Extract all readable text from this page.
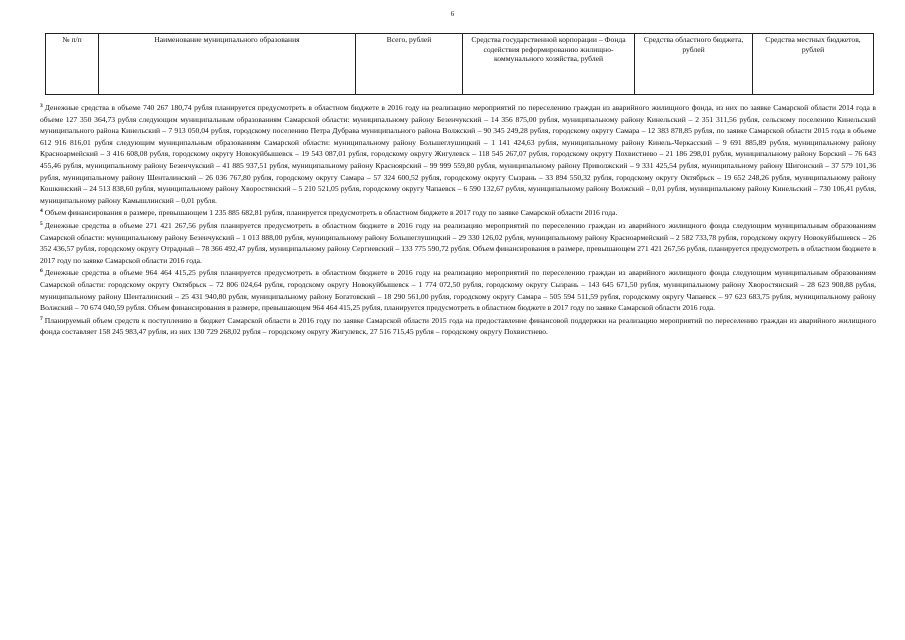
6
№ п/п	Наименование муниципального образования	Всего, рублей	Средства государственной корпорации – Фонда содействия реформированию жилищно-коммунального хозяйства, рублей	Средства областного бюджета, рублей	Средства местных бюджетов, рублей

$^3$ Денежные средства в объеме 740 267 180,74 рубля планируется предусмотреть в областном бюджете в 2016 году на реализацию мероприятий по переселению граждан из аварийного жилищного фонда, из них по заявке Самарской области 2014 года в объеме 127 350 364,73 рубля следующим муниципальным образованиям Самарской области: муниципальному району Безенчукский – 14 356 875,00 рубля, муниципальному району Кинельский – 2 351 311,56 рубля, сельскому поселению Кинельский муниципального района Кинельский – 7 913 050,04 рубля, городскому поселению Петра Дубрава муниципального района Волжский – 90 345 249,28 рубля, городскому округу Самара – 12 383 878,85 рубля, по заявке Самарской области 2015 года в объеме 612 916 816,01 рубля следующим муниципальным образованиям Самарской области: муниципальному району Большеглушицкий – 1 141 424,63 рубля, муниципальному району Кинель-Черкасский – 9 691 885,89 рубля, муниципальному району Красноармейский – 3 416 608,08 рубля, городскому округу Новокуйбышевск – 19 543 087,01 рубля, городскому округу Жигулевск – 118 545 267,07 рубля, городскому округу Похвистнево – 21 186 298,01 рубля, муниципальному району Борский – 76 643 455,46 рубля, муниципальному району Безенчукский – 41 885 937,51 рубля, муниципальному району Красноярский – 99 999 559,80 рубля, муниципальному району Приволжский – 9 331 425,54 рубля, муниципальному району Шигонский – 37 579 101,36 рубля, муниципальному району Шенталинский – 26 036 767,80 рубля, городскому округу Самара – 57 324 600,52 рубля, городскому округу Сызрань – 33 894 550,32 рубля, городскому округу Октябрьск – 19 652 248,26 рубля, муниципальному району Кошкинский – 24 513 838,60 рубля, муниципальному району Хворостянский – 5 210 521,05 рубля, городскому округу Чапаевск – 6 590 132,67 рубля, муниципальному району Волжский – 0,01 рубля, муниципальному району Кинельский – 730 106,41 рубля, муниципальному району Камышлинский – 0,01 рубля.

$^4$ Объем финансирования в размере, превышающем 1 235 885 682,81 рубля, планируется предусмотреть в областном бюджете в 2017 году по заявке Самарской области 2016 года.

$^5$ Денежные средства в объеме 271 421 267,56 рубля планируется предусмотреть в областном бюджете в 2016 году на реализацию мероприятий по переселению граждан из аварийного жилищного фонда следующим муниципальным образованиям Самарской области: муниципальному району Безенчукский – 1 013 888,00 рубля, муниципальному району Большеглушицкий – 29 330 126,02 рубля, муниципальному району Красноармейский – 2 582 733,78 рубля, городскому округу Новокуйбышевск – 26 352 436,57 рубля, городскому округу Отрадный – 78 366 492,47 рубля, муниципальному району Сергиевский – 133 775 590,72 рубля. Объем финансирования в размере, превышающем 271 421 267,56 рубля, планируется предусмотреть в областном бюджете в 2017 году по заявке Самарской области 2016 года.

$^6$ Денежные средства в объеме 964 464 415,25 рубля планируется предусмотреть в областном бюджете в 2016 году на реализацию мероприятий по переселению граждан из аварийного жилищного фонда следующим муниципальным образованиям Самарской области: городскому округу Октябрьск – 72 806 024,64 рубля, городскому округу Новокуйбышевск – 1 774 072,50 рубля, городскому округу Сызрань – 143 645 671,50 рубля, муниципальному району Хворостянский – 28 623 908,88 рубля, муниципальному району Шенталинский – 25 431 940,80 рубля, муниципальному району Богатовский – 18 290 561,00 рубля, городскому округу Самара – 505 594 511,59 рубля, городскому округу Чапаевск – 97 623 683,75 рубля, муниципальному району Волжский – 70 674 040,59 рубля. Объем финансирования в размере, превышающем 964 464 415,25 рубля, планируется предусмотреть в областном бюджете в 2017 году по заявке Самарской области 2016 года.

$^7$ Планируемый объем средств к поступлению в бюджет Самарской области в 2016 году по заявке Самарской области 2015 года на предоставление финансовой поддержки на реализацию мероприятий по переселению граждан из аварийного жилищного фонда составляет 158 245 983,47 рубля, из них 130 729 268,02 рубля – городскому округу Жигулевск, 27 516 715,45 рубля – городскому округу Похвистнево.
